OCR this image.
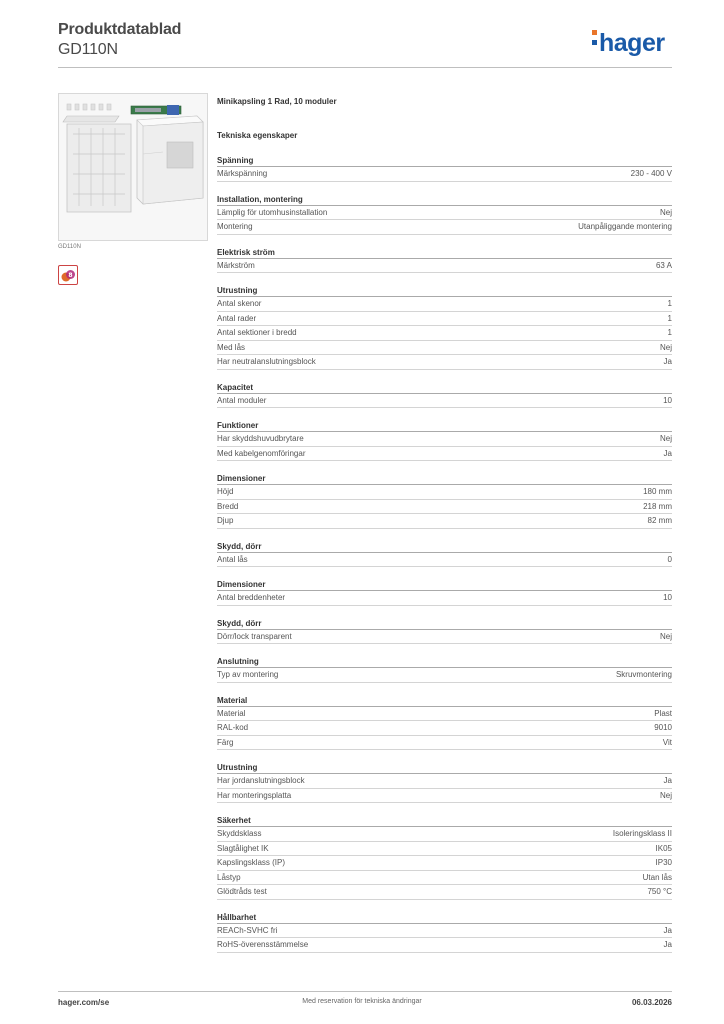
Produktdatablad
GD110N	hager
GD110N
8
Minikapsling 1 Rad, 10 moduler
Tekniska egenskaper
Spänning
Märkspänning	230 - 400 V
Installation, montering
Lämplig för utomhusinstallation	Nej
Montering	Utanpåliggande montering
Elektrisk ström
Märkström	63 A
Utrustning
Antal skenor	1
Antal rader	1
Antal sektioner i bredd	1
Med lås	Nej
Har neutralanslutningsblock	Ja
Kapacitet
Antal moduler	10
Funktioner
Har skyddshuvudbrytare	Nej
Med kabelgenomföringar	Ja
Dimensioner
Höjd	180 mm
Bredd	218 mm
Djup	82 mm
Skydd, dörr
Antal lås	0
Dimensioner
Antal breddenheter	10
Skydd, dörr
Dörr/lock transparent	Nej
Anslutning
Typ av montering	Skruvmontering
Material
Material	Plast
RAL-kod	9010
Färg	Vit
Utrustning
Har jordanslutningsblock	Ja
Har monteringsplatta	Nej
Säkerhet
Skyddsklass	Isoleringsklass II
Slagtålighet IK	IK05
Kapslingsklass (IP)	IP30
Låstyp	Utan lås
Glödtråds test	750 °C
Hållbarhet
REACh-SVHC fri	Ja
RoHS-överensstämmelse	Ja
hager.com/se	Med reservation för tekniska ändringar	06.03.2026
